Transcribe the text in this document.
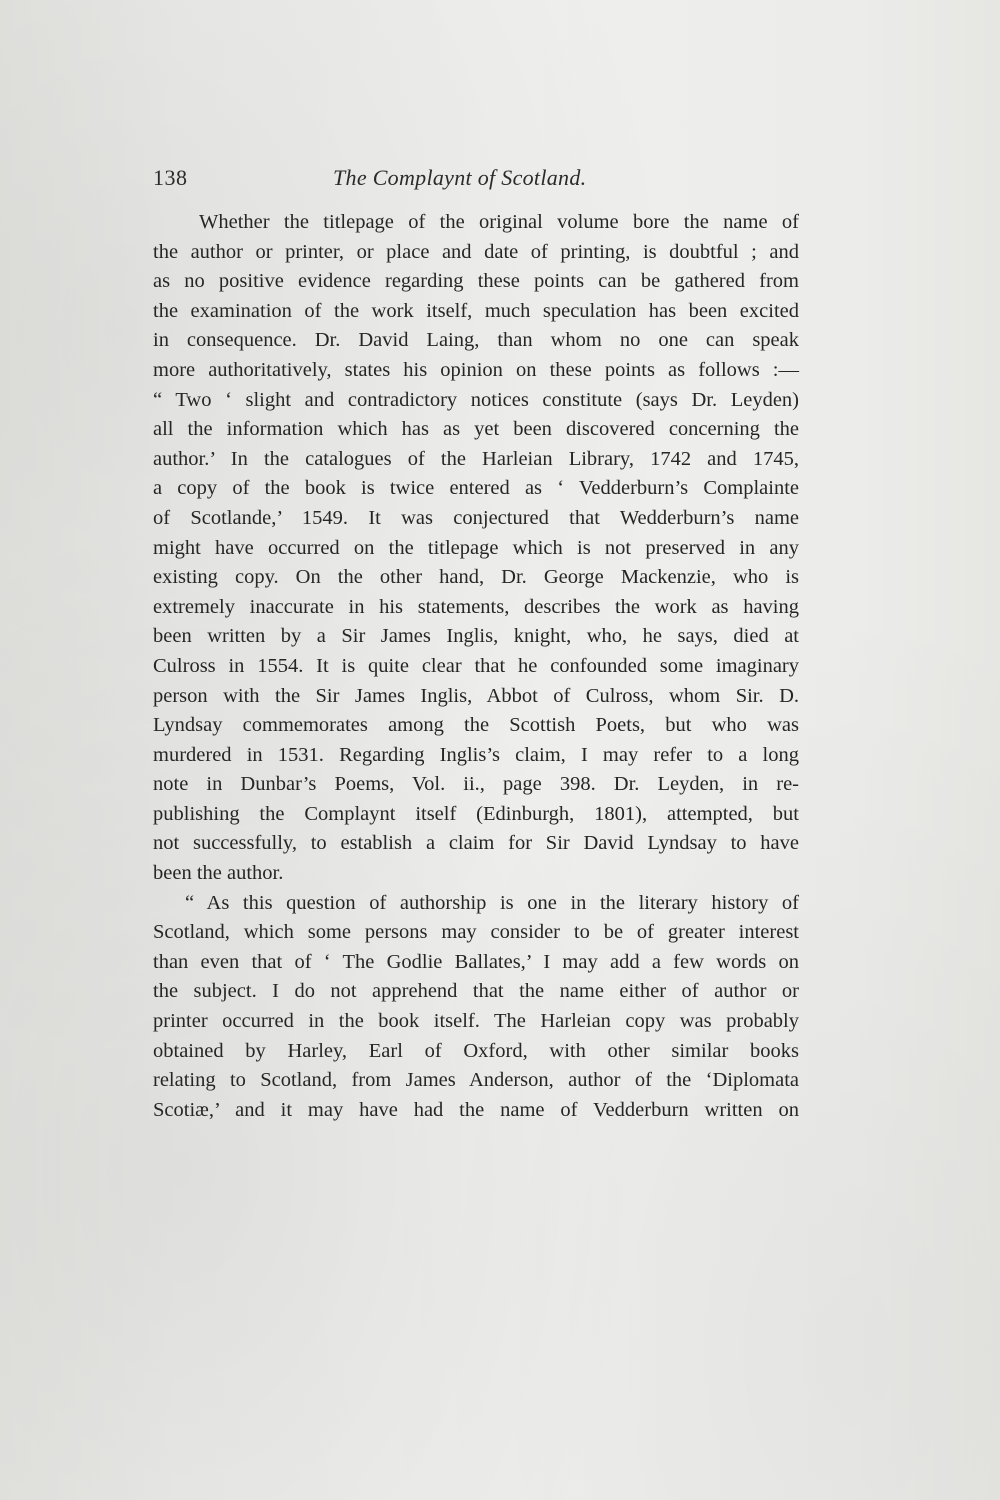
138	The Complaynt of Scotland.
Whether the titlepage of the original volume bore the name of
the author or printer, or place and date of printing, is doubtful ; and
as no positive evidence regarding these points can be gathered from
the examination of the work itself, much speculation has been excited
in consequence. Dr. David Laing, than whom no one can speak
more authoritatively, states his opinion on these points as follows :—
“ Two ‘ slight and contradictory notices constitute (says Dr. Leyden)
all the information which has as yet been discovered concerning the
author.’ In the catalogues of the Harleian Library, 1742 and 1745,
a copy of the book is twice entered as ‘ Vedderburn’s Complainte
of Scotlande,’ 1549. It was conjectured that Wedderburn’s name
might have occurred on the titlepage which is not preserved in any
existing copy. On the other hand, Dr. George Mackenzie, who is
extremely inaccurate in his statements, describes the work as having
been written by a Sir James Inglis, knight, who, he says, died at
Culross in 1554. It is quite clear that he confounded some imaginary
person with the Sir James Inglis, Abbot of Culross, whom Sir. D.
Lyndsay commemorates among the Scottish Poets, but who was
murdered in 1531. Regarding Inglis’s claim, I may refer to a long
note in Dunbar’s Poems, Vol. ii., page 398. Dr. Leyden, in re-
publishing the Complaynt itself (Edinburgh, 1801), attempted, but
not successfully, to establish a claim for Sir David Lyndsay to have
been the author.
“ As this question of authorship is one in the literary history of
Scotland, which some persons may consider to be of greater interest
than even that of ‘ The Godlie Ballates,’ I may add a few words on
the subject. I do not apprehend that the name either of author or
printer occurred in the book itself. The Harleian copy was probably
obtained by Harley, Earl of Oxford, with other similar books
relating to Scotland, from James Anderson, author of the ‘Diplomata
Scotiæ,’ and it may have had the name of Vedderburn written on
